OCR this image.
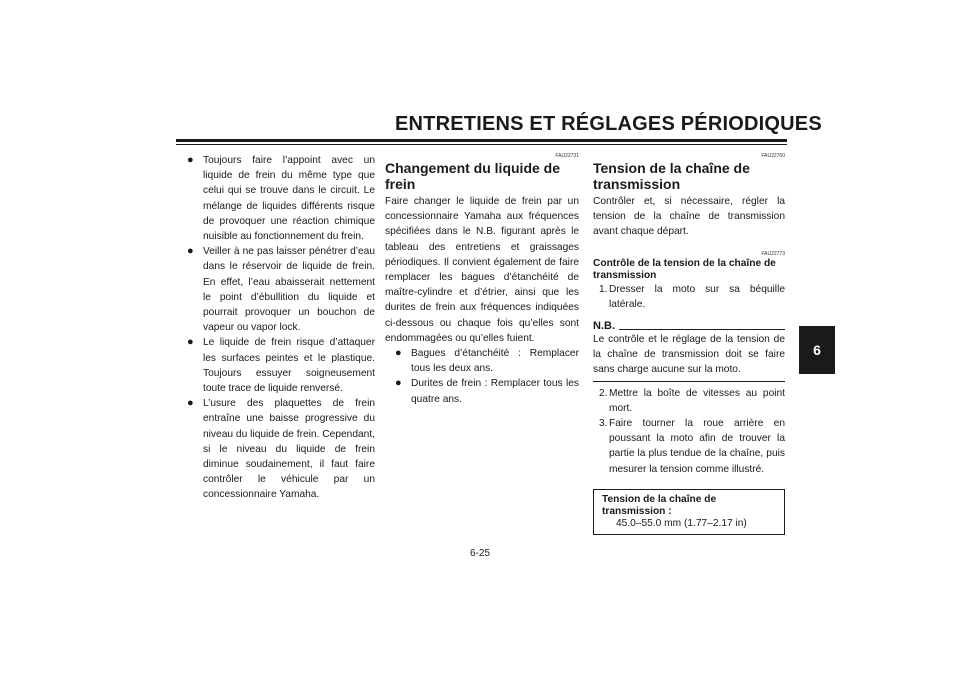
ENTRETIENS ET RÉGLAGES PÉRIODIQUES
6
● Toujours faire l’appoint avec un liquide de frein du même type que celui qui se trouve dans le circuit. Le mélange de liquides différents risque de provoquer une réaction chimique nuisible au fonctionnement du frein.
● Veiller à ne pas laisser pénétrer d’eau dans le réservoir de liquide de frein. En effet, l’eau abaisserait nettement le point d’ébullition du liquide et pourrait provoquer un bouchon de vapeur ou vapor lock.
● Le liquide de frein risque d’attaquer les surfaces peintes et le plastique. Toujours essuyer soigneusement toute trace de liquide renversé.
● L’usure des plaquettes de frein entraîne une baisse progressive du niveau du liquide de frein. Cependant, si le niveau du liquide de frein diminue soudainement, il faut faire contrôler le véhicule par un concessionnaire Yamaha.
FAU22731
Changement du liquide de frein
Faire changer le liquide de frein par un concessionnaire Yamaha aux fréquences spécifiées dans le N.B. figurant après le tableau des entretiens et graissages périodiques. Il convient également de faire remplacer les bagues d’étanchéité de maître-cylindre et d’étrier, ainsi que les durites de frein aux fréquences indiquées ci-dessous ou chaque fois qu’elles sont endommagées ou qu’elles fuient.
● Bagues d’étanchéité : Remplacer tous les deux ans.
● Durites de frein : Remplacer tous les quatre ans.
FAU22760
Tension de la chaîne de transmission
Contrôler et, si nécessaire, régler la tension de la chaîne de transmission avant chaque départ.
FAU22773
Contrôle de la tension de la chaîne de transmission
1. Dresser la moto sur sa béquille latérale.
N.B.
Le contrôle et le réglage de la tension de la chaîne de transmission doit se faire sans charge aucune sur la moto.
2. Mettre la boîte de vitesses au point mort.
3. Faire tourner la roue arrière en poussant la moto afin de trouver la partie la plus tendue de la chaîne, puis mesurer la tension comme illustré.
Tension de la chaîne de transmission :
45.0–55.0 mm (1.77–2.17 in)
6-25
